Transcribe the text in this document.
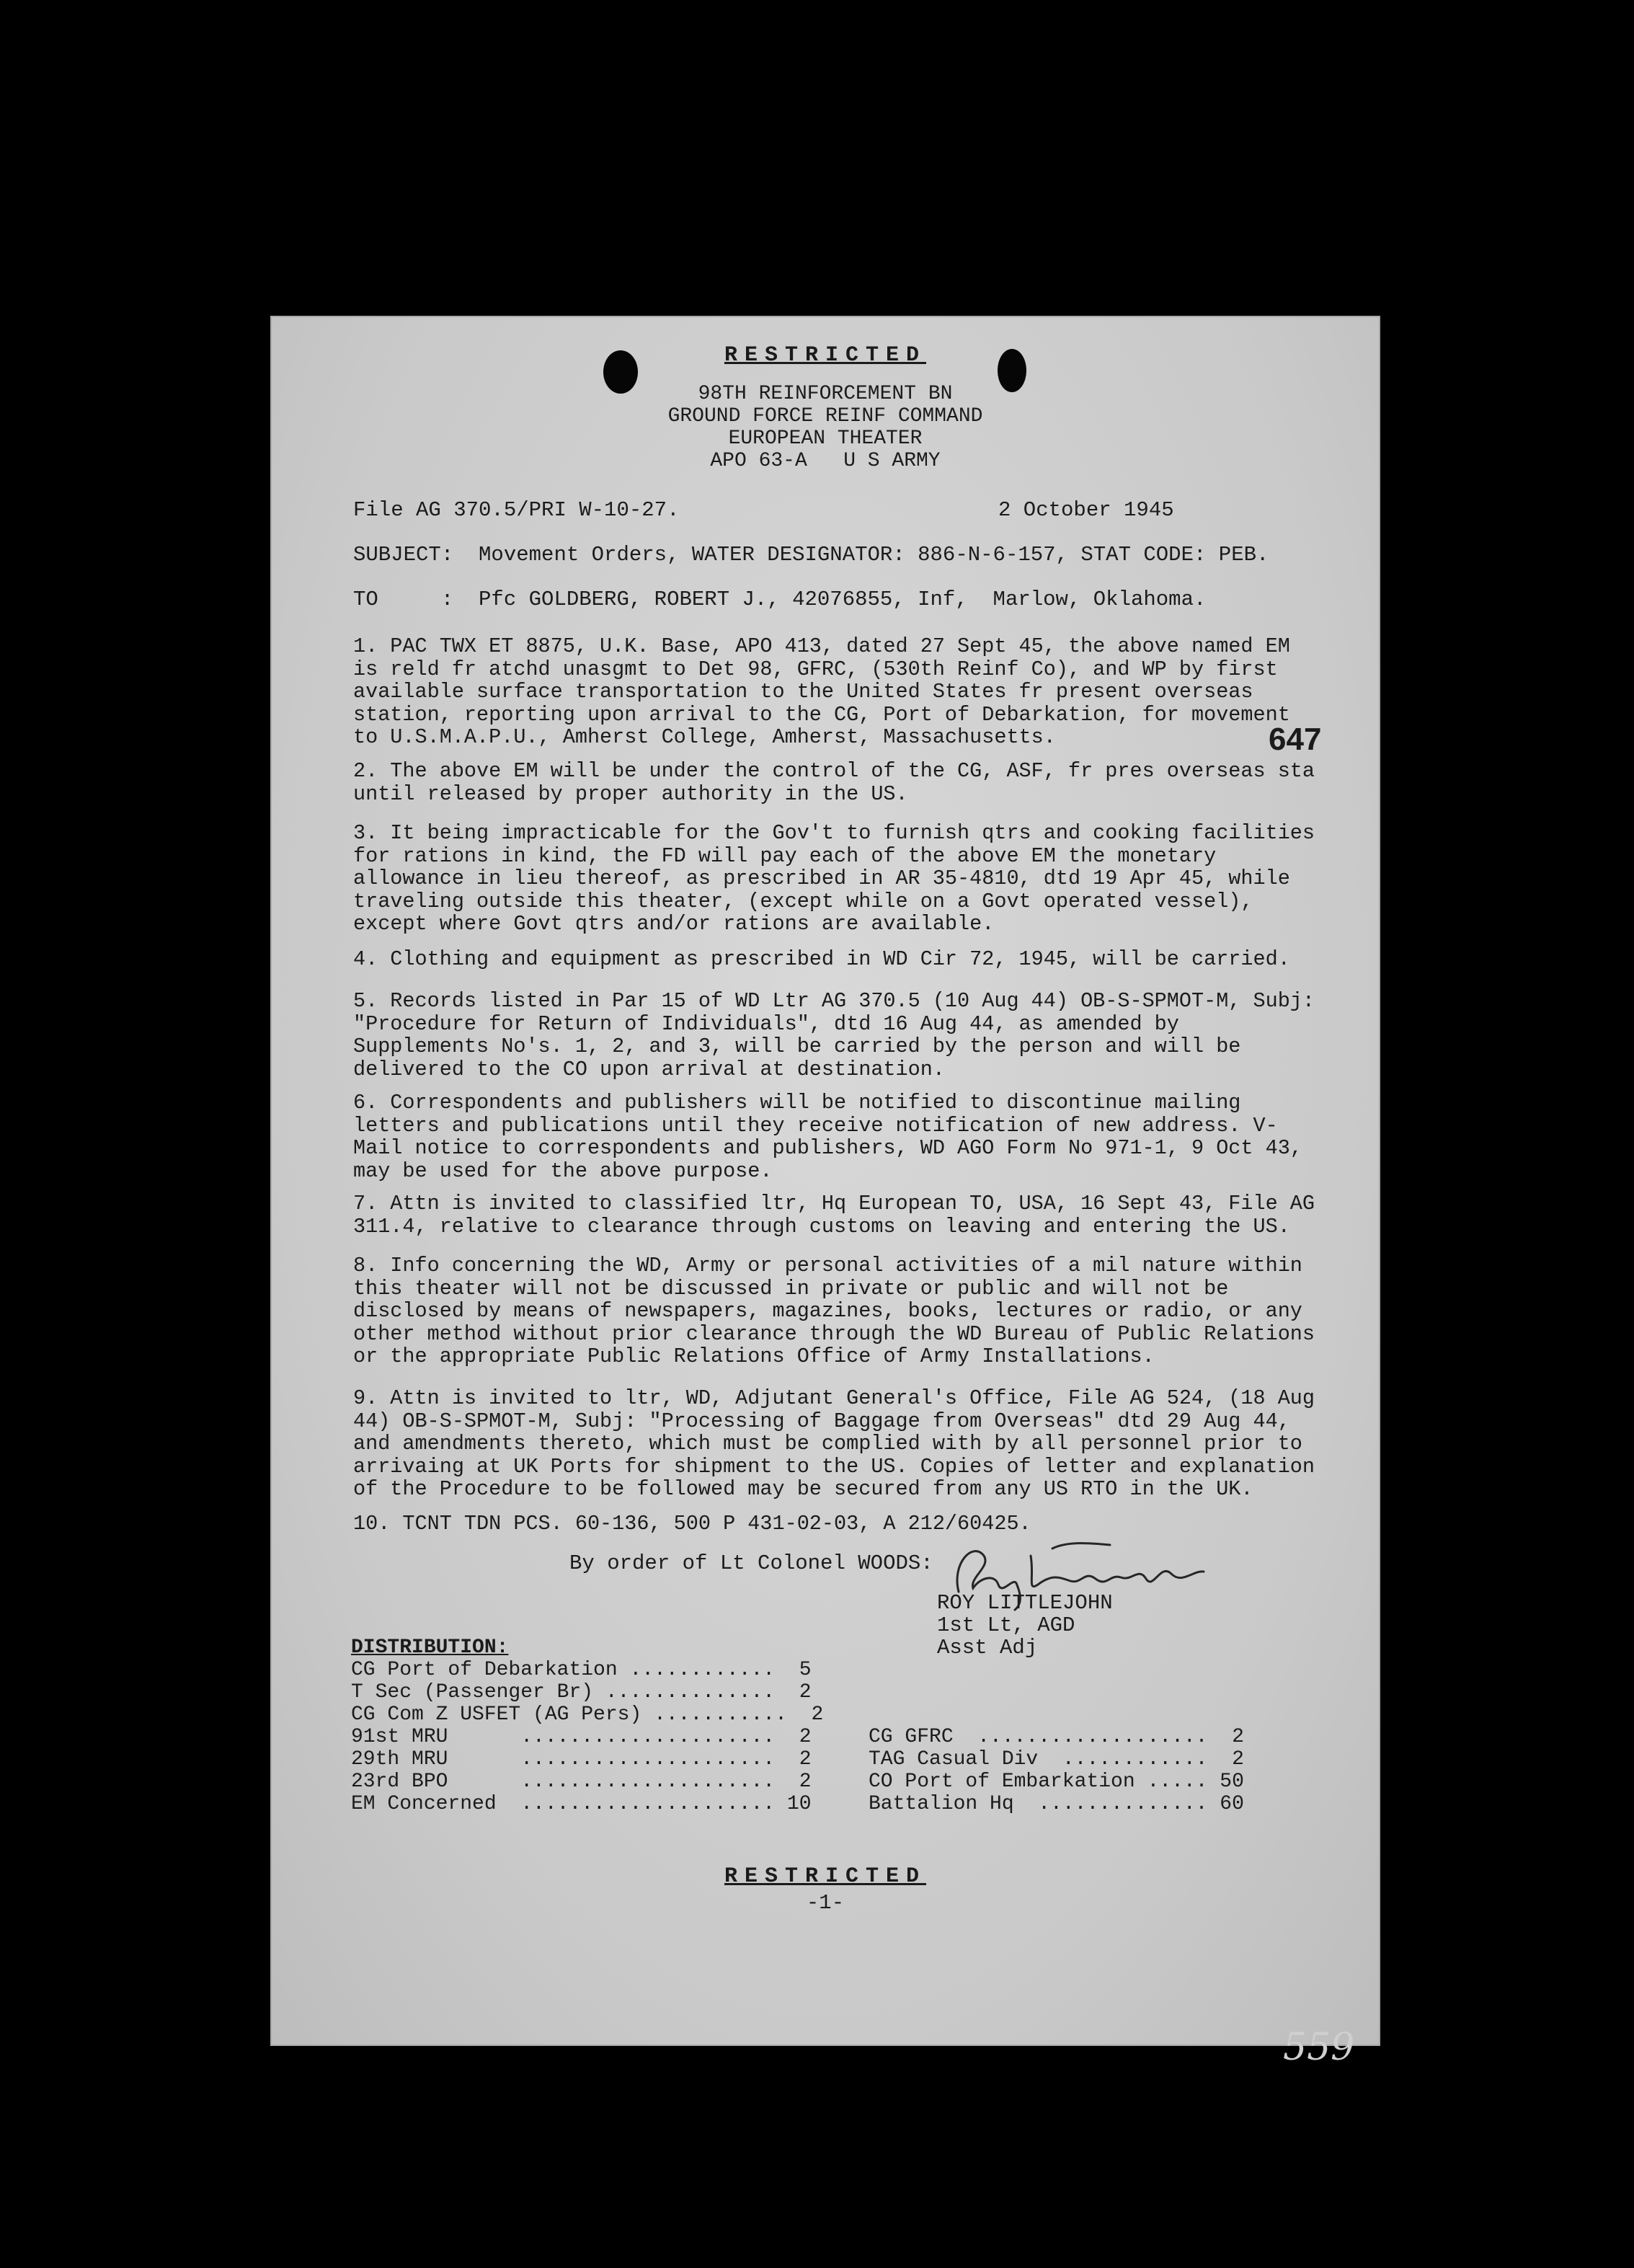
RESTRICTED
98TH REINFORCEMENT BN
GROUND FORCE REINF COMMAND
EUROPEAN THEATER
APO 63-A   U S ARMY
File AG 370.5/PRI W-10-27.	2 October 1945
SUBJECT:  Movement Orders, WATER DESIGNATOR: 886-N-6-157, STAT CODE: PEB.
TO     :  Pfc GOLDBERG, ROBERT J., 42076855, Inf,  Marlow, Oklahoma.
647
1. PAC TWX ET 8875, U.K. Base, APO 413, dated 27 Sept 45, the above named EM is reld fr atchd unasgmt to Det 98, GFRC, (530th Reinf Co), and WP by first available surface transportation to the United States fr present overseas station, reporting upon arrival to the CG, Port of Debarkation, for movement to U.S.M.A.P.U., Amherst College, Amherst, Massachusetts.
2. The above EM will be under the control of the CG, ASF, fr pres overseas sta until released by proper authority in the US.
3. It being impracticable for the Gov't to furnish qtrs and cooking facilities for rations in kind, the FD will pay each of the above EM the monetary allowance in lieu thereof, as prescribed in AR 35-4810, dtd 19 Apr 45, while traveling outside this theater, (except while on a Govt operated vessel), except where Govt qtrs and/or rations are available.
4. Clothing and equipment as prescribed in WD Cir 72, 1945, will be carried.
5. Records listed in Par 15 of WD Ltr AG 370.5 (10 Aug 44) OB-S-SPMOT-M, Subj: "Procedure for Return of Individuals", dtd 16 Aug 44, as amended by Supplements No's. 1, 2, and 3, will be carried by the person and will be delivered to the CO upon arrival at destination.
6. Correspondents and publishers will be notified to discontinue mailing letters and publications until they receive notification of new address. V-Mail notice to correspondents and publishers, WD AGO Form No 971-1, 9 Oct 43, may be used for the above purpose.
7. Attn is invited to classified ltr, Hq European TO, USA, 16 Sept 43, File AG 311.4, relative to clearance through customs on leaving and entering the US.
8. Info concerning the WD, Army or personal activities of a mil nature within this theater will not be discussed in private or public and will not be disclosed by means of newspapers, magazines, books, lectures or radio, or any other method without prior clearance through the WD Bureau of Public Relations or the appropriate Public Relations Office of Army Installations.
9. Attn is invited to ltr, WD, Adjutant General's Office, File AG 524, (18 Aug 44) OB-S-SPMOT-M, Subj: "Processing of Baggage from Overseas" dtd 29 Aug 44, and amendments thereto, which must be complied with by all personnel prior to arrivaing at UK Ports for shipment to the US. Copies of letter and explanation of the Procedure to be followed may be secured from any US RTO in the UK.
10. TCNT TDN PCS. 60-136, 500 P 431-02-03, A 212/60425.
By order of Lt Colonel WOODS:
ROY LITTLEJOHN
1st Lt, AGD
Asst Adj
DISTRIBUTION:
CG Port of Debarkation ............  5
T Sec (Passenger Br) ..............  2
CG Com Z USFET (AG Pers) ...........  2
91st MRU      .....................  2
29th MRU      .....................  2
23rd BPO      .....................  2
EM Concerned  ..................... 10
CG GFRC  ...................  2
TAG Casual Div  ............  2
CO Port of Embarkation ..... 50
Battalion Hq  .............. 60
RESTRICTED
-1-
559
